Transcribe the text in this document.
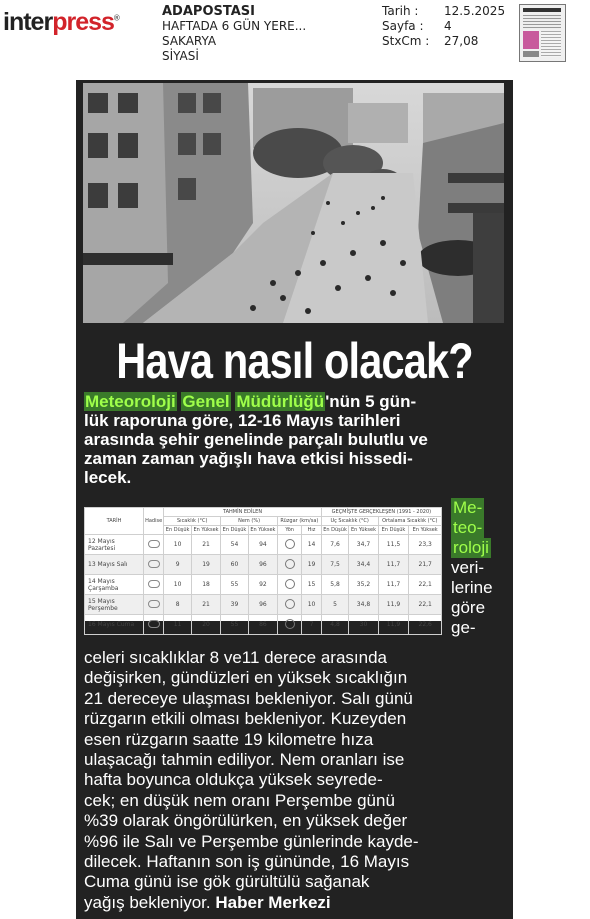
interpress®	ADAPOSTASI
HAFTADA 6 GÜN YERE...
SAKARYA
SİYASİ
Tarih :	12.5.2025
Sayfa :	4
StxCm :	27,08
Hava nasıl olacak?
Meteoroloji Genel Müdürlüğü'nün 5 gün-
lük raporuna göre, 12-16 Mayıs tarihleri
arasında şehir genelinde parçalı bulutlu ve
zaman zaman yağışlı hava etkisi hissedi-
lecek.
TARİH	Hadise	TAHMİN EDİLEN						GEÇMİŞTE GERÇEKLEŞEN (1991 - 2020)			
		Sıcaklık (°C)		Nem (%)		Rüzgar (km/sa)		Uç Sıcaklık (°C)		Ortalama Sıcaklık (°C)	
		En Düşük	En Yüksek	En Düşük	En Yüksek	Yön	Hız	En Düşük	En Yüksek	En Düşük	En Yüksek
12 Mayıs Pazartesi		10	21	54	94		14	7,6	34,7	11,5	23,3
13 Mayıs Salı		9	19	60	96		19	7,5	34,4	11,7	21,7
14 Mayıs Çarşamba		10	18	55	92		15	5,8	35,2	11,7	22,1
15 Mayıs Perşembe		8	21	39	96		10	5	34,8	11,9	22,1
16 Mayıs Cuma		11	20	55	86		7	4,8	30	11,9	22,6
Me-
teo-
roloji
veri-
lerine
göre
ge-
celeri sıcaklıklar 8 ve11 derece arasında
değişirken, gündüzleri en yüksek sıcaklığın
21 dereceye ulaşması bekleniyor. Salı günü
rüzgarın etkili olması bekleniyor. Kuzeyden
esen rüzgarın saatte 19 kilometre hıza
ulaşacağı tahmin ediliyor. Nem oranları ise
hafta boyunca oldukça yüksek seyrede-
cek; en düşük nem oranı Perşembe günü
%39 olarak öngörülürken, en yüksek değer
%96 ile Salı ve Perşembe günlerinde kayde-
dilecek. Haftanın son iş gününde, 16 Mayıs
Cuma günü ise gök gürültülü sağanak
yağış bekleniyor. Haber Merkezi
